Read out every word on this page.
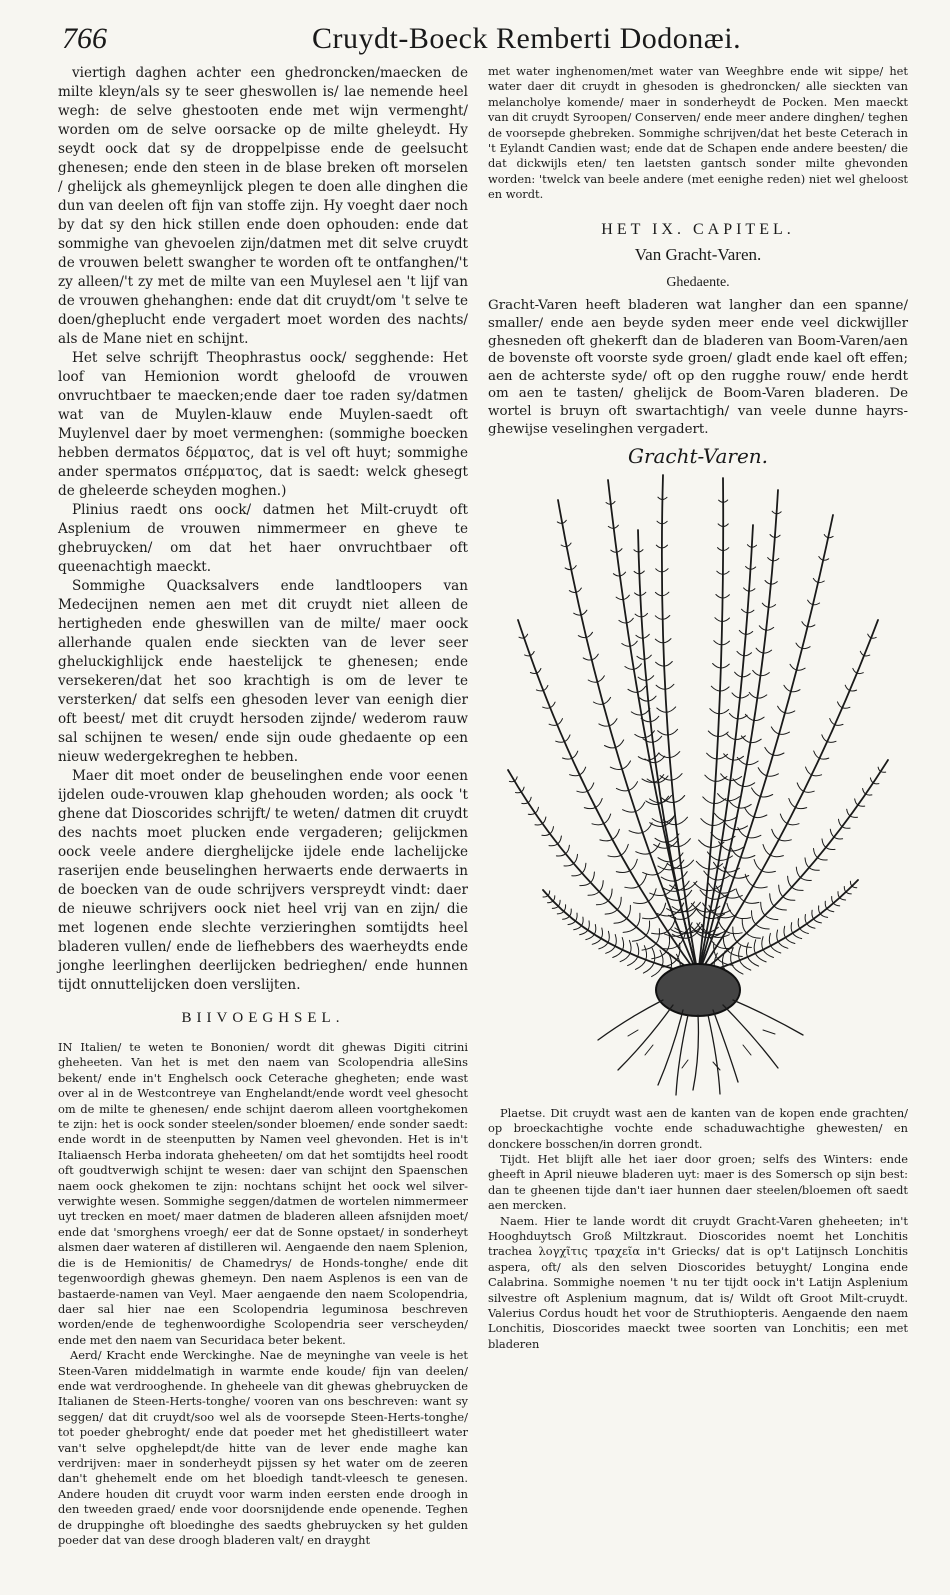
766	Cruydt-Boeck Remberti Dodonæi.

viertigh daghen achter een ghedroncken/maecken de milte kleyn/als sy te seer gheswollen is/ lae nemende heel wegh: de selve ghestooten ende met wijn vermenght/ worden om de selve oorsacke op de milte gheleydt. Hy seydt oock dat sy de droppelpisse ende de geelsucht ghenesen; ende den steen in de blase breken oft morselen / ghelijck als ghemeynlijck plegen te doen alle dinghen die dun van deelen oft fijn van stoffe zijn. Hy voeght daer noch by dat sy den hick stillen ende doen ophouden: ende dat sommighe van ghevoelen zijn/datmen met dit selve cruydt de vrouwen belett swangher te worden oft te ontfanghen/'t zy alleen/'t zy met de milte van een Muylesel aen 't lijf van de vrouwen ghehanghen: ende dat dit cruydt/om 't selve te doen/gheplucht ende vergadert moet worden des nachts/ als de Mane niet en schijnt.

Het selve schrijft Theophrastus oock/ segghende: Het loof van Hemionion wordt gheloofd de vrouwen onvruchtbaer te maecken;ende daer toe raden sy/datmen wat van de Muylen-klauw ende Muylen-saedt oft Muylenvel daer by moet vermenghen: (sommighe boecken hebben dermatos δέρματος, dat is vel oft huyt; sommighe ander spermatos σπέρματος, dat is saedt: welck ghesegt de gheleerde scheyden moghen.)

Plinius raedt ons oock/ datmen het Milt-cruydt oft Asplenium de vrouwen nimmermeer en gheve te ghebruycken/ om dat het haer onvruchtbaer oft queenachtigh maeckt.

Sommighe Quacksalvers ende landtloopers van Medecijnen nemen aen met dit cruydt niet alleen de hertigheden ende gheswillen van de milte/ maer oock allerhande qualen ende sieckten van de lever seer gheluckighlijck ende haestelijck te ghenesen; ende versekeren/dat het soo krachtigh is om de lever te versterken/ dat selfs een ghesoden lever van eenigh dier oft beest/ met dit cruydt hersoden zijnde/ wederom rauw sal schijnen te wesen/ ende sijn oude ghedaente op een nieuw wedergekreghen te hebben.

Maer dit moet onder de beuselinghen ende voor eenen ijdelen oude-vrouwen klap ghehouden worden; als oock 't ghene dat Dioscorides schrijft/ te weten/ datmen dit cruydt des nachts moet plucken ende vergaderen; gelijckmen oock veele andere dierghelijcke ijdele ende lachelijcke raserijen ende beuselinghen herwaerts ende derwaerts in de boecken van de oude schrijvers verspreydt vindt: daer de nieuwe schrijvers oock niet heel vrij van en zijn/ die met logenen ende slechte verzieringhen somtijdts heel bladeren vullen/ ende de liefhebbers des waerheydts ende jonghe leerlinghen deerlijcken bedrieghen/ ende hunnen tijdt onnuttelijcken doen verslijten.

BIIVOEGHSEL.

IN Italien/ te weten te Bononien/ wordt dit ghewas Digiti citrini gheheeten. Van het is met den naem van Scolopendria alleSins bekent/ ende in't Enghelsch oock Ceterache ghegheten; ende wast over al in de Westcontreye van Enghelandt/ende wordt veel ghesocht om de milte te ghenesen/ ende schijnt daerom alleen voortghekomen te zijn: het is oock sonder steelen/sonder bloemen/ ende sonder saedt: ende wordt in de steenputten by Namen veel ghevonden. Het is in't Italiaensch Herba indorata gheheeten/ om dat het somtijdts heel roodt oft goudtverwigh schijnt te wesen: daer van schijnt den Spaenschen naem oock ghekomen te zijn: nochtans schijnt het oock wel silver-verwighte wesen. Sommighe seggen/datmen de wortelen nimmermeer uyt trecken en moet/ maer datmen de bladeren alleen afsnijden moet/ ende dat 'smorghens vroegh/ eer dat de Sonne opstaet/ in sonderheyt alsmen daer wateren af distilleren wil. Aengaende den naem Splenion, die is de Hemionitis/ de Chamedrys/ de Honds-tonghe/ ende dit tegenwoordigh ghewas ghemeyn. Den naem Asplenos is een van de bastaerde-namen van Veyl. Maer aengaende den naem Scolopendria, daer sal hier nae een Scolopendria leguminosa beschreven worden/ende de teghenwoordighe Scolopendria seer verscheyden/ ende met den naem van Securidaca beter bekent.

Aerd/ Kracht ende Werckinghe. Nae de meyninghe van veele is het Steen-Varen middelmatigh in warmte ende koude/ fijn van deelen/ ende wat verdrooghende. In gheheele van dit ghewas ghebruycken de Italianen de Steen-Herts-tonghe/ vooren van ons beschreven: want sy seggen/ dat dit cruydt/soo wel als de voorsepde Steen-Herts-tonghe/ tot poeder ghebroght/ ende dat poeder met het ghedistilleert water van't selve opghelepdt/de hitte van de lever ende maghe kan verdrijven: maer in sonderheydt pijssen sy het water om de zeeren dan't ghehemelt ende om het bloedigh tandt-vleesch te genesen. Andere houden dit cruydt voor warm inden eersten ende droogh in den tweeden graed/ ende voor doorsnijdende ende openende. Teghen de druppinghe oft bloedinghe des saedts ghebruycken sy het gulden poeder dat van dese droogh bladeren valt/ en drayght

met water inghenomen/met water van Weeghbre ende wit sippe/ het water daer dit cruydt in ghesoden is ghedroncken/ alle sieckten van melancholye komende/ maer in sonderheydt de Pocken. Men maeckt van dit cruydt Syroopen/ Conserven/ ende meer andere dinghen/ teghen de voorsepde ghebreken. Sommighe schrijven/dat het beste Ceterach in 't Eylandt Candien wast; ende dat de Schapen ende andere beesten/ die dat dickwijls eten/ ten laetsten gantsch sonder milte ghevonden worden: 'twelck van beele andere (met eenighe reden) niet wel gheloost en wordt.

HET IX. CAPITEL.
Van Gracht-Varen.
Ghedaente.

Gracht-Varen heeft bladeren wat langher dan een spanne/ smaller/ ende aen beyde syden meer ende veel dickwijller ghesneden oft ghekerft dan de bladeren van Boom-Varen/aen de bovenste oft voorste syde groen/ gladt ende kael oft effen; aen de achterste syde/ oft op den rugghe rouw/ ende herdt om aen te tasten/ ghelijck de Boom-Varen bladeren. De wortel is bruyn oft swartachtigh/ van veele dunne hayrs-ghewijse veselinghen vergadert.

Gracht-Varen.

Plaetse. Dit cruydt wast aen de kanten van de kopen ende grachten/ op broeckachtighe vochte ende schaduwachtighe ghewesten/ en donckere bosschen/in dorren grondt.

Tijdt. Het blijft alle het iaer door groen; selfs des Winters: ende gheeft in April nieuwe bladeren uyt: maer is des Somersch op sijn best: dan te gheenen tijde dan't iaer hunnen daer steelen/bloemen oft saedt aen mercken.

Naem. Hier te lande wordt dit cruydt Gracht-Varen gheheeten; in't Hooghduytsch Groß Miltzkraut. Dioscorides noemt het Lonchitis trachea λογχῖτις τραχεῖα in't Griecks/ dat is op't Latijnsch Lonchitis aspera, oft/ als den selven Dioscorides betuyght/ Longina ende Calabrina. Sommighe noemen 't nu ter tijdt oock in't Latijn Asplenium silvestre oft Asplenium magnum, dat is/ Wildt oft Groot Milt-cruydt. Valerius Cordus houdt het voor de Struthiopteris. Aengaende den naem Lonchitis, Dioscorides maeckt twee soorten van Lonchitis; een met bladeren
